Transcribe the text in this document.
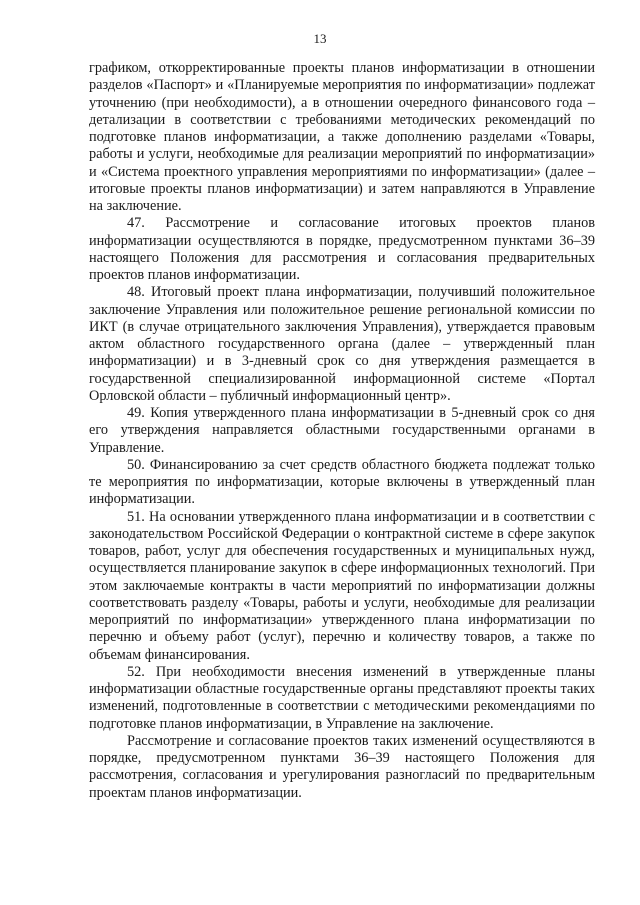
13

графиком, откорректированные проекты планов информатизации в отношении разделов «Паспорт» и «Планируемые мероприятия по информатизации» подлежат уточнению (при необходимости), а в отношении очередного финансового года – детализации в соответствии с требованиями методических рекомендаций по подготовке планов информатизации, а также дополнению разделами «Товары, работы и услуги, необходимые для реализации мероприятий по информатизации» и «Система проектного управления мероприятиями по информатизации» (далее – итоговые проекты планов информатизации) и затем направляются в Управление на заключение.

47. Рассмотрение и согласование итоговых проектов планов информатизации осуществляются в порядке, предусмотренном пунктами 36–39 настоящего Положения для рассмотрения и согласования предварительных проектов планов информатизации.

48. Итоговый проект плана информатизации, получивший положительное заключение Управления или положительное решение региональной комиссии по ИКТ (в случае отрицательного заключения Управления), утверждается правовым актом областного государственного органа (далее – утвержденный план информатизации) и в 3-дневный срок со дня утверждения размещается в государственной специализированной информационной системе «Портал Орловской области – публичный информационный центр».

49. Копия утвержденного плана информатизации в 5-дневный срок со дня его утверждения направляется областными государственными органами в Управление.

50. Финансированию за счет средств областного бюджета подлежат только те мероприятия по информатизации, которые включены в утвержденный план информатизации.

51. На основании утвержденного плана информатизации и в соответствии с законодательством Российской Федерации о контрактной системе в сфере закупок товаров, работ, услуг для обеспечения государственных и муниципальных нужд, осуществляется планирование закупок в сфере информационных технологий. При этом заключаемые контракты в части мероприятий по информатизации должны соответствовать разделу «Товары, работы и услуги, необходимые для реализации мероприятий по информатизации» утвержденного плана информатизации по перечню и объему работ (услуг), перечню и количеству товаров, а также по объемам финансирования.

52. При необходимости внесения изменений в утвержденные планы информатизации областные государственные органы представляют проекты таких изменений, подготовленные в соответствии с методическими рекомендациями по подготовке планов информатизации, в Управление на заключение.

Рассмотрение и согласование проектов таких изменений осуществляются в порядке, предусмотренном пунктами 36–39 настоящего Положения для рассмотрения, согласования и урегулирования разногласий по предварительным проектам планов информатизации.
